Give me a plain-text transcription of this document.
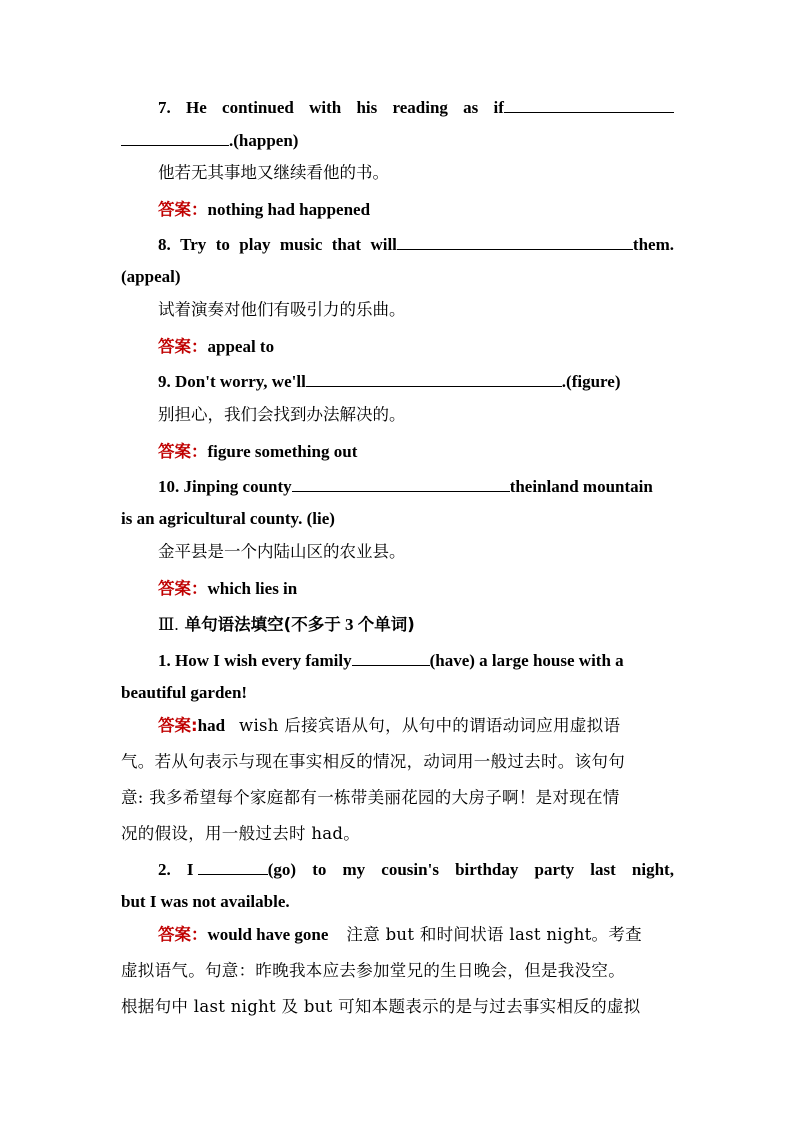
7. He continued with his reading as if
.(happen)
他若无其事地又继续看他的书。
答案：nothing had happened
8. Try to play music that will	them.
(appeal)
试着演奏对他们有吸引力的乐曲。
答案：appeal to
9. Don't worry, we'll	.(figure)
别担心，我们会找到办法解决的。
答案：figure something out
10. Jinping county	theinland mountain
is an agricultural county. (lie)
金平县是一个内陆山区的农业县。
答案：which lies in
Ⅲ. 单句语法填空(不多于 3 个单词)
1. How I wish every family	(have) a large house with a
beautiful garden!
答案:had wish 后接宾语从句，从句中的谓语动词应用虚拟语
气。若从句表示与现在事实相反的情况，动词用一般过去时。该句句
意: 我多希望每个家庭都有一栋带美丽花园的大房子啊！是对现在情
况的假设，用一般过去时 had。
2. I	(go) to my cousin's birthday party last night,
but I was not available.
答案：would have gone 注意 but 和时间状语 last night。考查
虚拟语气。句意：昨晚我本应去参加堂兄的生日晚会，但是我没空。
根据句中 last night 及 but 可知本题表示的是与过去事实相反的虚拟
